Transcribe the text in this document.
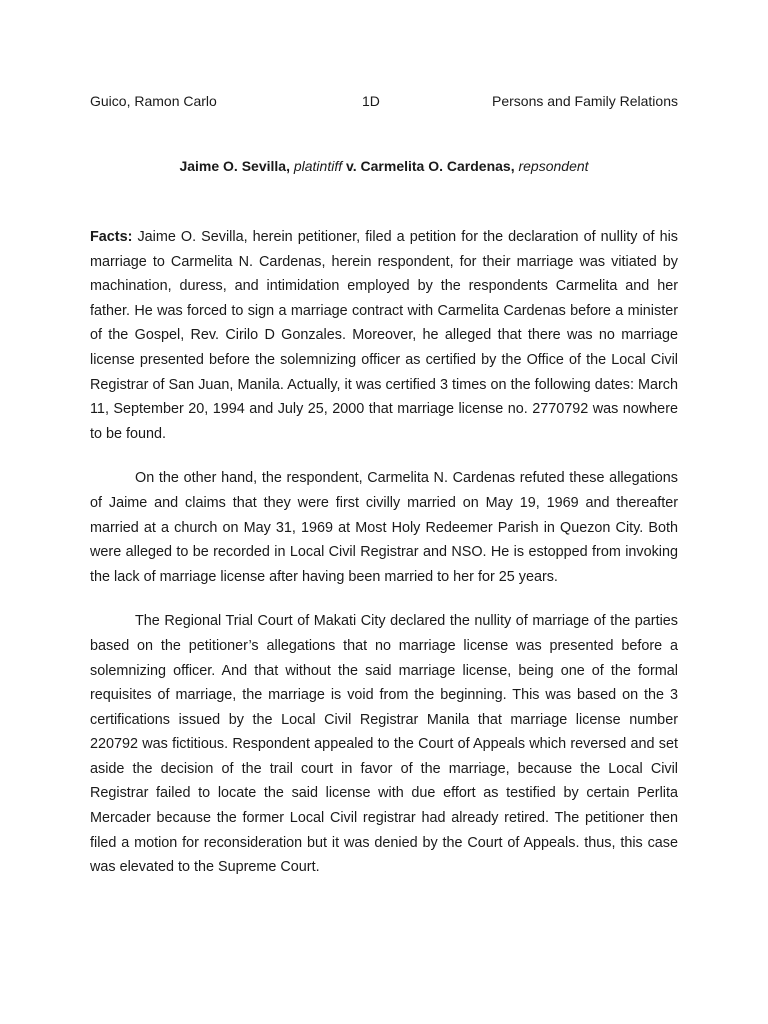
Guico, Ramon Carlo	1D	Persons and Family Relations
Jaime O. Sevilla, platintiff v. Carmelita O. Cardenas, repsondent

Facts: Jaime O. Sevilla, herein petitioner, filed a petition for the declaration of nullity of his marriage to Carmelita N. Cardenas, herein respondent, for their marriage was vitiated by machination, duress, and intimidation employed by the respondents Carmelita and her father. He was forced to sign a marriage contract with Carmelita Cardenas before a minister of the Gospel, Rev. Cirilo D Gonzales. Moreover, he alleged that there was no marriage license presented before the solemnizing officer as certified by the Office of the Local Civil Registrar of San Juan, Manila. Actually, it was certified 3 times on the following dates: March 11, September 20, 1994 and July 25, 2000 that marriage license no. 2770792 was nowhere to be found.

On the other hand, the respondent, Carmelita N. Cardenas refuted these allegations of Jaime and claims that they were first civilly married on May 19, 1969 and thereafter married at a church on May 31, 1969 at Most Holy Redeemer Parish in Quezon City. Both were alleged to be recorded in Local Civil Registrar and NSO. He is estopped from invoking the lack of marriage license after having been married to her for 25 years.

The Regional Trial Court of Makati City declared the nullity of marriage of the parties based on the petitioner’s allegations that no marriage license was presented before a solemnizing officer. And that without the said marriage license, being one of the formal requisites of marriage, the marriage is void from the beginning. This was based on the 3 certifications issued by the Local Civil Registrar Manila that marriage license number 220792 was fictitious. Respondent appealed to the Court of Appeals which reversed and set aside the decision of the trail court in favor of the marriage, because the Local Civil Registrar failed to locate the said license with due effort as testified by certain Perlita Mercader because the former Local Civil registrar had already retired. The petitioner then filed a motion for reconsideration but it was denied by the Court of Appeals. thus, this case was elevated to the Supreme Court.
